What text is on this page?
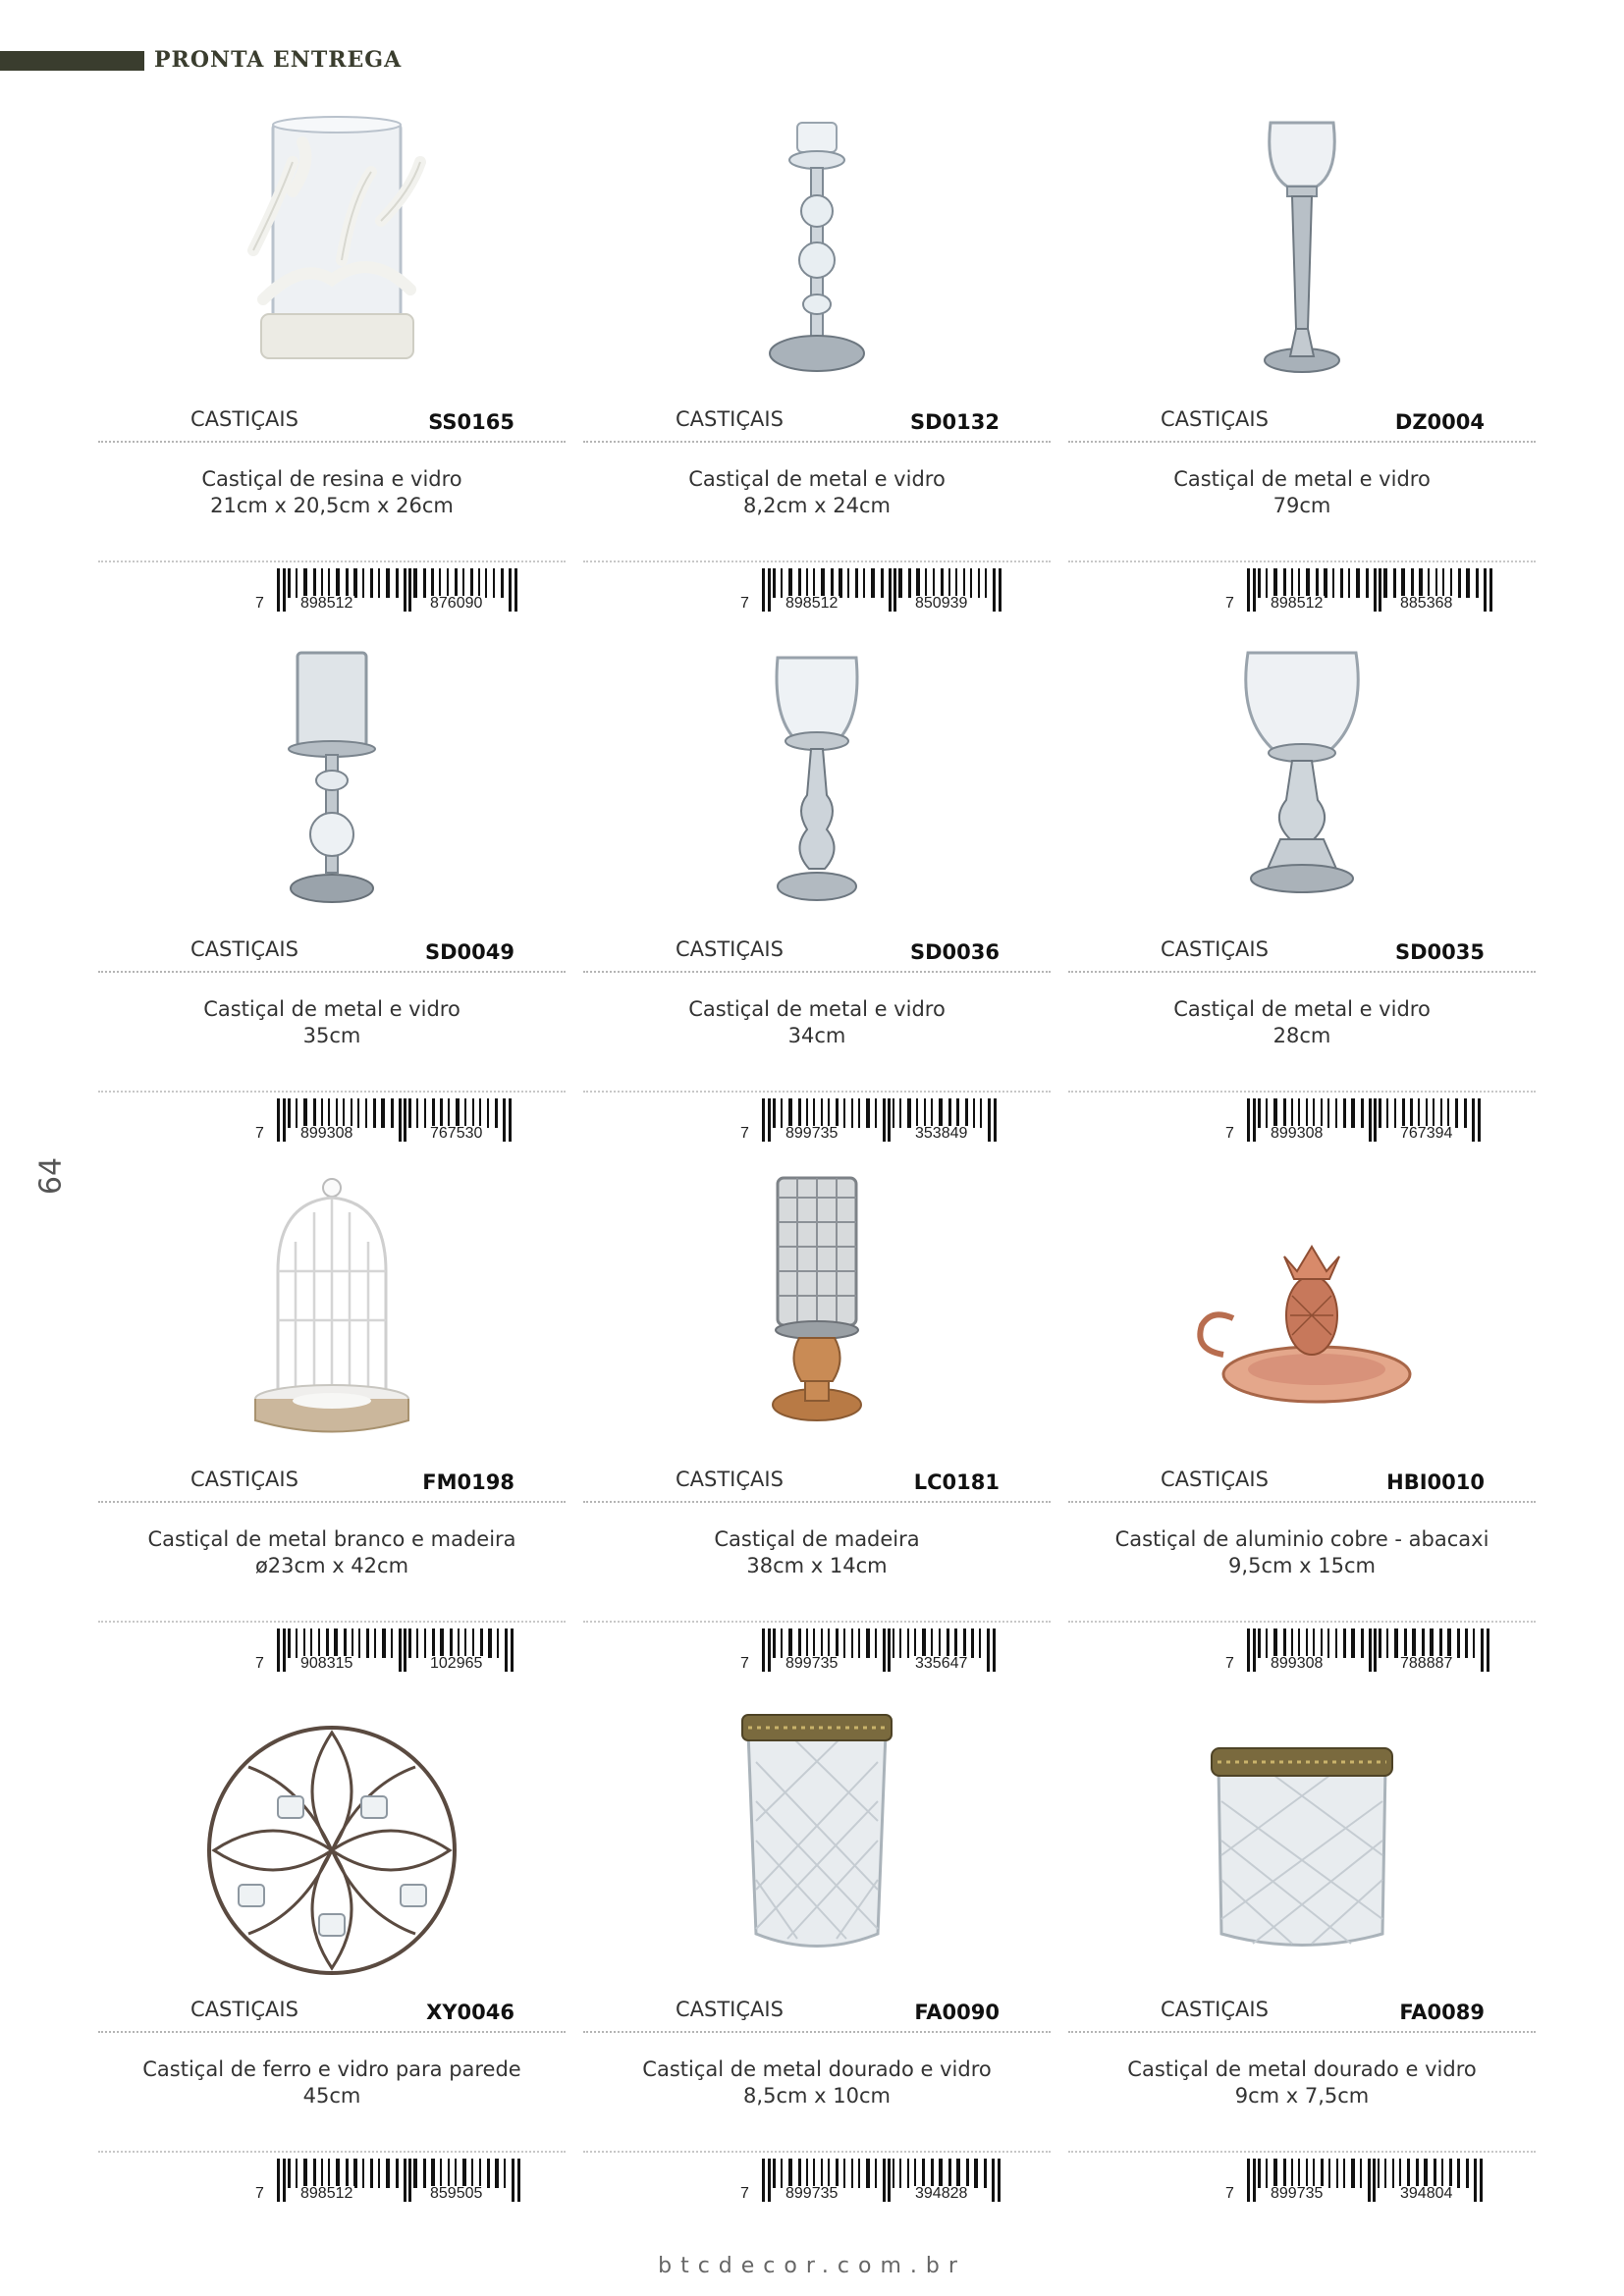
PRONTA ENTREGA
64
CASTIÇAIS	SS0165
Castiçal de resina e vidro
21cm x 20,5cm x 26cm
7 898512	876090
CASTIÇAIS	SD0132
Castiçal de metal e vidro
8,2cm x 24cm
7 898512	850939
CASTIÇAIS	DZ0004
Castiçal de metal e vidro
79cm
7 898512	885368
CASTIÇAIS	SD0049
Castiçal de metal e vidro
35cm
7 899308	767530
CASTIÇAIS	SD0036
Castiçal de metal e vidro
34cm
7 899735	353849
CASTIÇAIS	SD0035
Castiçal de metal e vidro
28cm
7 899308	767394
CASTIÇAIS	FM0198
Castiçal de metal branco e madeira
ø23cm x 42cm
7 908315	102965
CASTIÇAIS	LC0181
Castiçal de madeira
38cm x 14cm
7 899735	335647
CASTIÇAIS	HBI0010
Castiçal de aluminio cobre - abacaxi
9,5cm x 15cm
7 899308	788887
CASTIÇAIS	XY0046
Castiçal de ferro e vidro para parede
45cm
7 898512	859505
CASTIÇAIS	FA0090
Castiçal de metal dourado e vidro
8,5cm x 10cm
7 899735	394828
CASTIÇAIS	FA0089
Castiçal de metal dourado e vidro
9cm x 7,5cm
7 899735	394804
btcdecor.com.br
